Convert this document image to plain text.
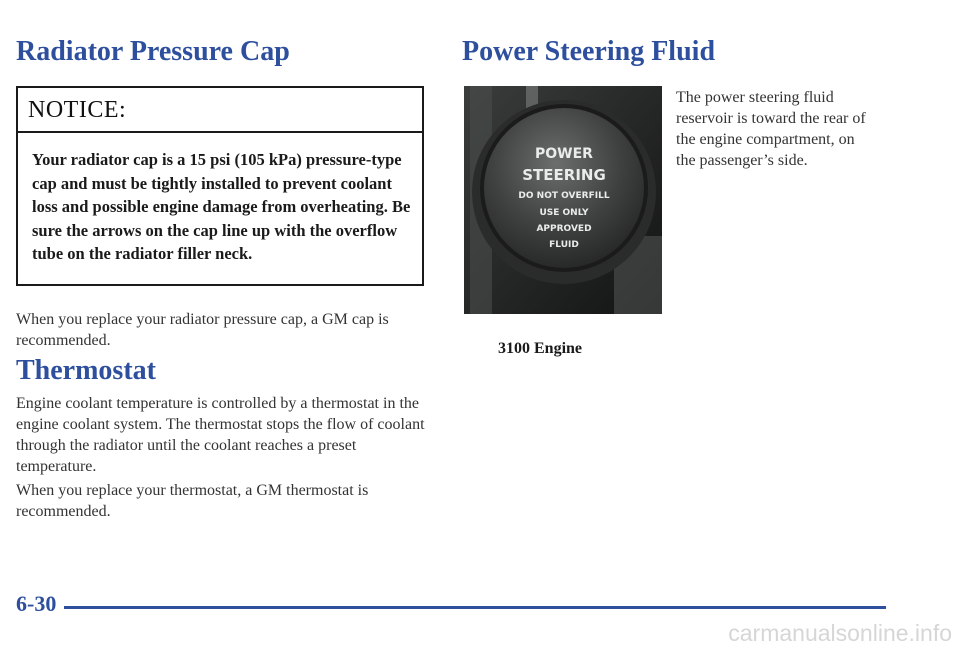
Radiator Pressure Cap
NOTICE:
Your radiator cap is a 15 psi (105 kPa) pressure-type cap and must be tightly installed to prevent coolant loss and possible engine damage from overheating. Be sure the arrows on the cap line up with the overflow tube on the radiator filler neck.

When you replace your radiator pressure cap, a GM cap is recommended.

Thermostat

Engine coolant temperature is controlled by a thermostat in the engine coolant system. The thermostat stops the flow of coolant through the radiator until the coolant reaches a preset temperature.

When you replace your thermostat, a GM thermostat is recommended.

Power Steering Fluid
POWER
STEERING
DO NOT OVERFILL
USE ONLY
APPROVED
FLUID
3100 Engine

The power steering fluid reservoir is toward the rear of the engine compartment, on the passenger’s side.

6-30
carmanualsonline.info
